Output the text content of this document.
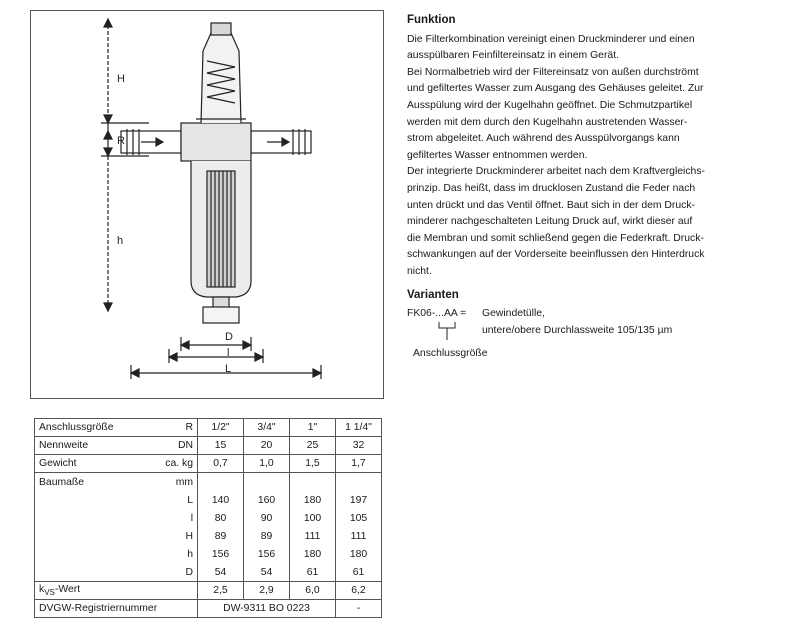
H
R
h
D
l
L
Funktion

Die Filterkombination vereinigt einen Druckminderer und einen

ausspülbaren Feinfiltereinsatz in einem Gerät.

Bei Normalbetrieb wird der Filtereinsatz von außen durchströmt

und gefiltertes Wasser zum Ausgang des Gehäuses geleitet. Zur

Ausspülung wird der Kugelhahn geöffnet. Die Schmutzpartikel

werden mit dem durch den Kugelhahn austretenden Wasser-

strom abgeleitet. Auch während des Ausspülvorgangs kann

gefiltertes Wasser entnommen werden.

Der integrierte Druckminderer arbeitet nach dem Kraftvergleichs-

prinzip. Das heißt, dass im drucklosen Zustand die Feder nach

unten drückt und das Ventil öffnet. Baut sich in der dem Druck-

minderer nachgeschalteten Leitung Druck auf, wirkt dieser auf

die Membran und somit schließend gegen die Federkraft. Druck-

schwankungen auf der Vorderseite beeinflussen den Hinterdruck

nicht.

Varianten
FK06-...AA = Gewindetülle,
untere/obere Durchlassweite 105/135 µm
Anschlussgröße
Anschlussgröße	R	1/2"	3/4"	1"	1 1/4"
Nennweite	DN	15	20	25	32
Gewicht	ca. kg	0,7	1,0	1,5	1,7
Baumaße	mm				
	L	140	160	180	197
	l	80	90	100	105
	H	89	89	111	111
	h	156	156	180	180
	D	54	54	61	61
$k_{VS}$-Wert		2,5	2,9	6,0	6,2
DVGW-Registriernummer		DW-9311 BO 0223			-
